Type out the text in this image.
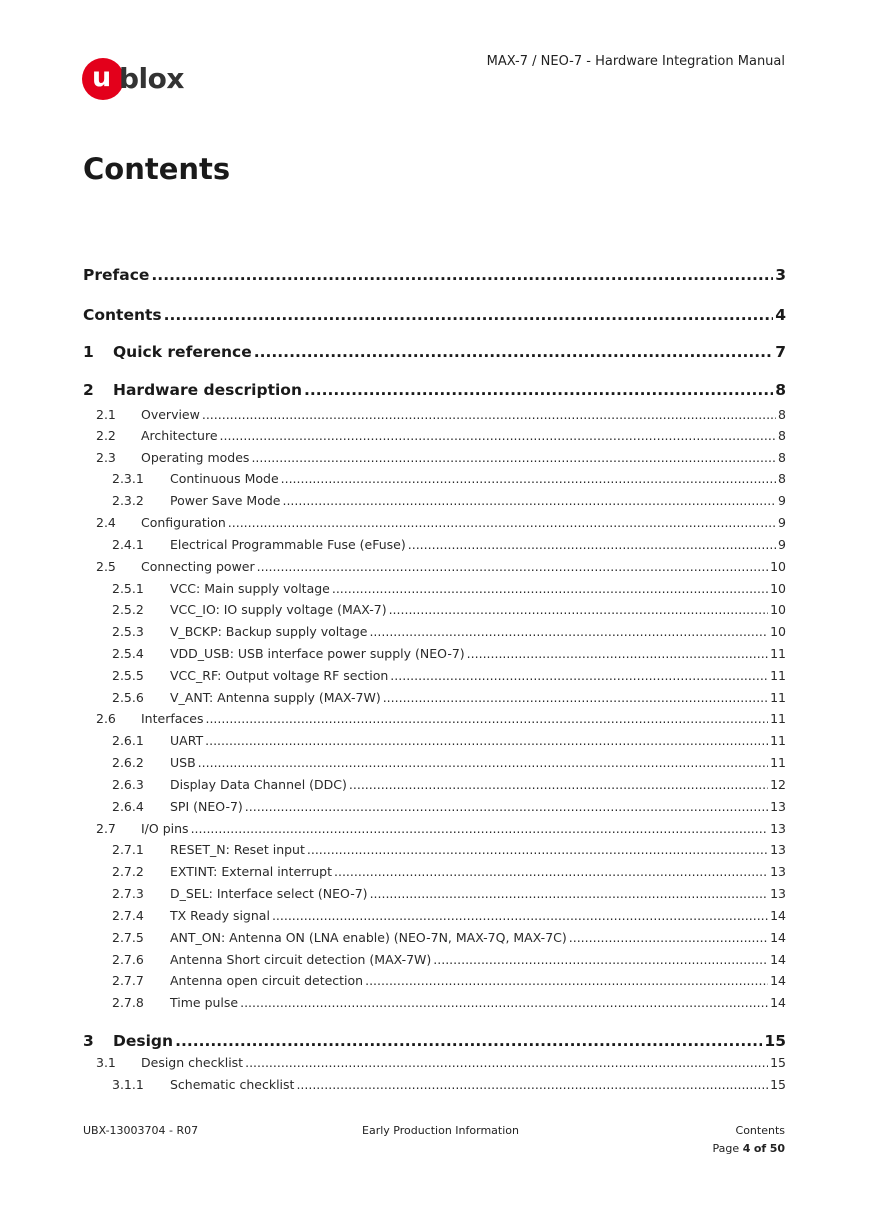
u blox
MAX-7 / NEO-7 - Hardware Integration Manual
Contents
Preface .....	3
Contents .....	4
1	Quick reference .....	7
2	Hardware description .....	8
2.1	Overview .....	8
2.2	Architecture .....	8
2.3	Operating modes .....	8
2.3.1	Continuous Mode .....	8
2.3.2	Power Save Mode .....	9
2.4	Configuration .....	9
2.4.1	Electrical Programmable Fuse (eFuse) .....	9
2.5	Connecting power .....	10
2.5.1	VCC: Main supply voltage .....	10
2.5.2	VCC_IO: IO supply voltage (MAX-7) .....	10
2.5.3	V_BCKP: Backup supply voltage .....	10
2.5.4	VDD_USB: USB interface power supply (NEO-7) .....	11
2.5.5	VCC_RF: Output voltage RF section .....	11
2.5.6	V_ANT: Antenna supply (MAX-7W) .....	11
2.6	Interfaces .....	11
2.6.1	UART .....	11
2.6.2	USB .....	11
2.6.3	Display Data Channel (DDC) .....	12
2.6.4	SPI (NEO-7) .....	13
2.7	I/O pins .....	13
2.7.1	RESET_N: Reset input .....	13
2.7.2	EXTINT: External interrupt .....	13
2.7.3	D_SEL: Interface select (NEO-7) .....	13
2.7.4	TX Ready signal .....	14
2.7.5	ANT_ON: Antenna ON (LNA enable) (NEO-7N, MAX-7Q, MAX-7C) .....	14
2.7.6	Antenna Short circuit detection (MAX-7W) .....	14
2.7.7	Antenna open circuit detection .....	14
2.7.8	Time pulse .....	14
3	Design .....	15
3.1	Design checklist .....	15
3.1.1	Schematic checklist .....	15
UBX-13003704 - R07	Early Production Information	Contents
Page 4 of 50
